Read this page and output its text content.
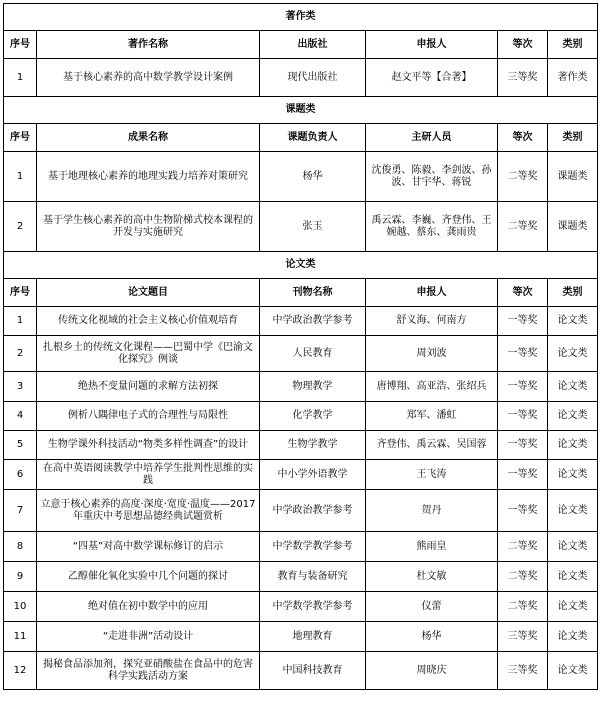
著作类					
序号	著作名称	出版社	申报人	等次	类别
1	基于核心素养的高中数学教学设计案例	现代出版社	赵文平等【合著】	三等奖	著作类
课题类					
序号	成果名称	课题负责人	主研人员	等次	类别
1	基于地理核心素养的地理实践力培养对策研究	杨华	沈俊勇、陈毅、李剑波、孙波、甘宇华、蒋锐	二等奖	课题类
2	基于学生核心素养的高中生物阶梯式校本课程的开发与实施研究	张玉	禹云霖、李巍、齐登伟、王婉越、蔡东、龚雨贵	二等奖	课题类
论文类					
序号	论文题目	刊物名称	申报人	等次	类别
1	传统文化视域的社会主义核心价值观培育	中学政治教学参考	舒义海、何南方	一等奖	论文类
2	扎根乡土的传统文化课程——巴蜀中学《巴渝文化探究》例谈	人民教育	周刘波	一等奖	论文类
3	绝热不变量问题的求解方法初探	物理教学	唐博翔、高亚浩、张绍兵	一等奖	论文类
4	例析八隅律电子式的合理性与局限性	化学教学	郑军、潘虹	一等奖	论文类
5	生物学课外科技活动“物类多样性调查”的设计	生物学教学	齐登伟、禹云霖、吴国蓉	一等奖	论文类
6	在高中英语阅读教学中培养学生批判性思维的实践	中小学外语教学	王飞涛	一等奖	论文类
7	立意于核心素养的高度·深度·宽度·温度——2017年重庆中考思想品德经典试题赏析	中学政治教学参考	贺丹	一等奖	论文类
8	“四基”对高中数学课标修订的启示	中学数学教学参考	熊雨皇	二等奖	论文类
9	乙醇催化氧化实验中几个问题的探讨	教育与装备研究	杜文敏	二等奖	论文类
10	绝对值在初中数学中的应用	中学数学教学参考	仪蕾	二等奖	论文类
11	“走进非洲”活动设计	地理教育	杨华	三等奖	论文类
12	揭秘食品添加剂，探究亚硝酸盐在食品中的危害科学实践活动方案	中国科技教育	周晓庆	三等奖	论文类
